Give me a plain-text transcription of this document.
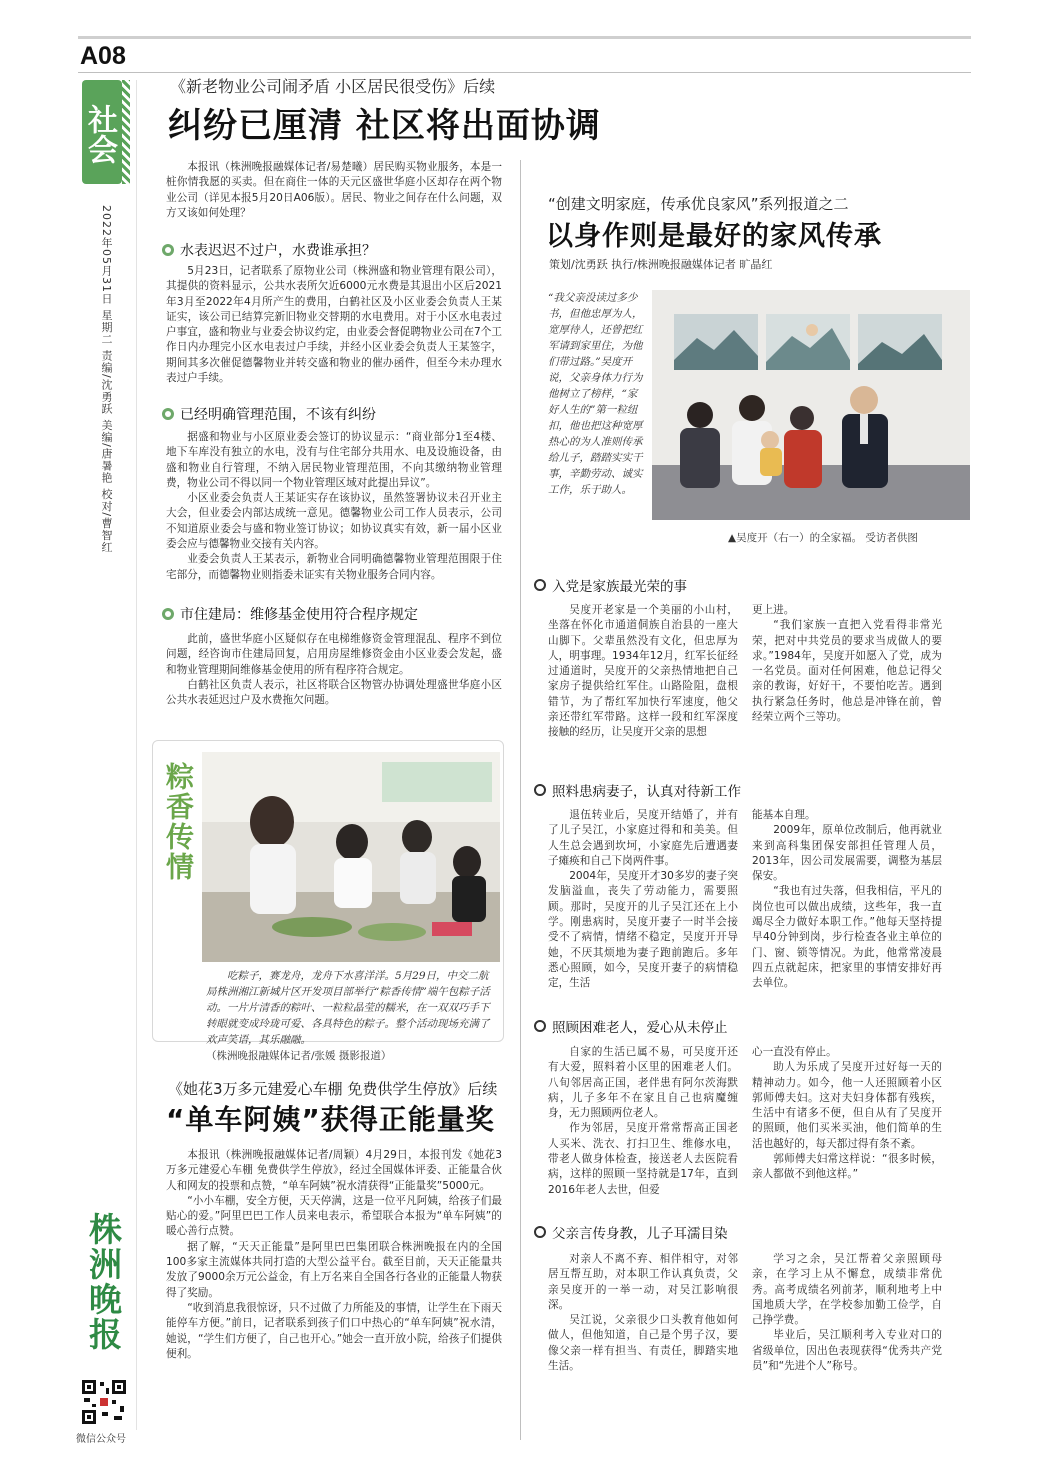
A08
社会
2022年05月31日 星期二 责编/沈勇跃 美编/唐暑艳 校对/曹智红
《新老物业公司闹矛盾 小区居民很受伤》后续
纠纷已厘清 社区将出面协调

本报讯（株洲晚报融媒体记者/易楚曦）居民购买物业服务，本是一桩你情我愿的买卖。但在商住一体的天元区盛世华庭小区却存在两个物业公司（详见本报5月20日A06版）。居民、物业之间存在什么问题，双方又该如何处理？

水表迟迟不过户，水费谁承担？

5月23日，记者联系了原物业公司（株洲盛和物业管理有限公司），其提供的资料显示，公共水表所欠近6000元水费是其退出小区后2021年3月至2022年4月所产生的费用，白鹤社区及小区业委会负责人王某证实，该公司已结算完新旧物业交替期的水电费用。对于小区水电表过户事宜，盛和物业与业委会协议约定，由业委会督促聘物业公司在7个工作日内办理完小区水电表过户手续，并经小区业委会负责人王某签字，期间其多次催促德馨物业并转交盛和物业的催办函件，但至今未办理水表过户手续。

已经明确管理范围，不该有纠纷

据盛和物业与小区原业委会签订的协议显示：“商业部分1至4楼、地下车库没有独立的水电，没有与住宅部分共用水、电及设施设备，由盛和物业自行管理，不纳入居民物业管理范围，不向其缴纳物业管理费，物业公司不得以同一个物业管理区域对此提出异议”。

小区业委会负责人王某证实存在该协议，虽然签署协议未召开业主大会，但业委会内部达成统一意见。德馨物业公司工作人员表示，公司不知道原业委会与盛和物业签订协议；如协议真实有效，新一届小区业委会应与德馨物业交接有关内容。

业委会负责人王某表示，新物业合同明确德馨物业管理范围限于住宅部分，而德馨物业则指委未证实有关物业服务合同内容。

市住建局：维修基金使用符合程序规定

此前，盛世华庭小区疑似存在电梯维修资金管理混乱、程序不到位问题，经咨询市住建局回复，启用房屋维修资金由小区业委会发起，盛和物业管理期间维修基金使用的所有程序符合规定。

白鹤社区负责人表示，社区将联合区物管办协调处理盛世华庭小区公共水表延迟过户及水费拖欠问题。

粽香传情
吃粽子，赛龙舟，龙舟下水喜洋洋。5月29日，中交二航局株洲湘江新城片区开发项目部举行“粽香传情”端午包粽子活动。一片片清香的粽叶、一粒粒晶莹的糯米，在一双双巧手下转眼就变成玲珑可爱、各具特色的粽子。整个活动现场充满了欢声笑语，其乐融融。 （株洲晚报融媒体记者/张媛 摄影报道）
《她花3万多元建爱心车棚 免费供学生停放》后续
“单车阿姨”获得正能量奖

本报讯（株洲晚报融媒体记者/周颖）4月29日，本报刊发《她花3万多元建爱心车棚 免费供学生停放》，经过全国媒体评委、正能量合伙人和网友的投票和点赞，“单车阿姨”祝水清获得“正能量奖”5000元。

“小小车棚，安全方便，天天停满，这是一位平凡阿姨，给孩子们最贴心的爱。”阿里巴巴工作人员来电表示，希望联合本报为“单车阿姨”的暖心善行点赞。

据了解，“天天正能量”是阿里巴巴集团联合株洲晚报在内的全国100多家主流媒体共同打造的大型公益平台。截至目前，天天正能量共发放了9000余万元公益金，有上万名来自全国各行各业的正能量人物获得了奖励。

“收到消息我很惊讶，只不过做了力所能及的事情，让学生在下雨天能停车方便。”前日，记者联系到孩子们口中热心的“单车阿姨”祝水清，她说，“学生们方便了，自己也开心。”她会一直开放小院，给孩子们提供便利。

株洲晚报
微信公众号
“创建文明家庭，传承优良家风”系列报道之二
以身作则是最好的家风传承
策划/沈勇跃 执行/株洲晚报融媒体记者 旷晶红
“我父亲没读过多少书，但他忠厚为人，宽厚待人，还曾把红军请到家里住，为他们带过路。”吴度开说，父亲身体力行为他树立了榜样，“家好人生的”第一粒纽扣，他也把这种宽厚热心的为人准则传承给儿子，踏踏实实干事，辛勤劳动、诚实工作，乐于助人。
▲吴度开（右一）的全家福。 受访者供图
入党是家族最光荣的事

吴度开老家是一个美丽的小山村，坐落在怀化市通道侗族自治县的一座大山脚下。父辈虽然没有文化，但忠厚为人，明事理。1934年12月，红军长征经过通道时，吴度开的父亲热情地把自己家房子提供给红军住。山路险阻，盘根错节，为了帮红军加快行军速度，他父亲还带红军带路。这样一段和红军深度接触的经历，让吴度开父亲的思想

更上进。

“我们家族一直把入党看得非常光荣，把对中共党员的要求当成做人的要求。”1984年，吴度开如愿入了党，成为一名党员。面对任何困难，他总记得父亲的教诲，好好干，不要怕吃苦。遇到执行紧急任务时，他总是冲锋在前，曾经荣立两个三等功。

照料患病妻子，认真对待新工作

退伍转业后，吴度开结婚了，并有了儿子吴江，小家庭过得和和美美。但人生总会遇到坎坷，小家庭先后遭遇妻子瘫痪和自己下岗两件事。

2004年，吴度开才30多岁的妻子突发脑溢血，丧失了劳动能力，需要照顾。那时，吴度开的儿子吴江还在上小学。刚患病时，吴度开妻子一时半会接受不了病情，情绪不稳定，吴度开开导她，不厌其烦地为妻子跑前跑后。多年悉心照顾，如今，吴度开妻子的病情稳定，生活

能基本自理。

2009年，原单位改制后，他再就业来到高科集团保安部担任管理人员，2013年，因公司发展需要，调整为基层保安。

“我也有过失落，但我相信，平凡的岗位也可以做出成绩，这些年，我一直竭尽全力做好本职工作。”他每天坚持提早40分钟到岗，步行检查各业主单位的门、窗、锁等情况。为此，他常常凌晨四五点就起床，把家里的事情安排好再去单位。

照顾困难老人，爱心从未停止

自家的生活已属不易，可吴度开还有大爱，照料着小区里的困难老人们。八旬邻居高正国，老伴患有阿尔茨海默病，儿子多年不在家且自己也病魔缠身，无力照顾两位老人。

作为邻居，吴度开常常帮高正国老人买米、洗衣、打扫卫生、维修水电，带老人做身体检查，接送老人去医院看病，这样的照顾一坚持就是17年，直到2016年老人去世，但爱

心一直没有停止。

助人为乐成了吴度开过好每一天的精神动力。如今，他一人还照顾着小区郭师傅夫妇。这对夫妇身体都有残疾，生活中有诸多不便，但自从有了吴度开的照顾，他们买米买油，他们简单的生活也越好的，每天都过得有条不紊。

郭师傅夫妇常这样说：“很多时候，亲人都做不到他这样。”

父亲言传身教，儿子耳濡目染

对亲人不离不弃、相伴相守，对邻居互帮互助，对本职工作认真负责，父亲吴度开的一举一动，对吴江影响很深。

吴江说，父亲很少口头教育他如何做人，但他知道，自己是个男子汉，要像父亲一样有担当、有责任，脚踏实地生活。

学习之余，吴江帮着父亲照顾母亲，在学习上从不懈怠，成绩非常优秀。高考成绩名列前茅，顺利地考上中国地质大学，在学校参加勤工俭学，自己挣学费。

毕业后，吴江顺利考入专业对口的省级单位，因出色表现获得“优秀共产党员”和“先进个人”称号。
